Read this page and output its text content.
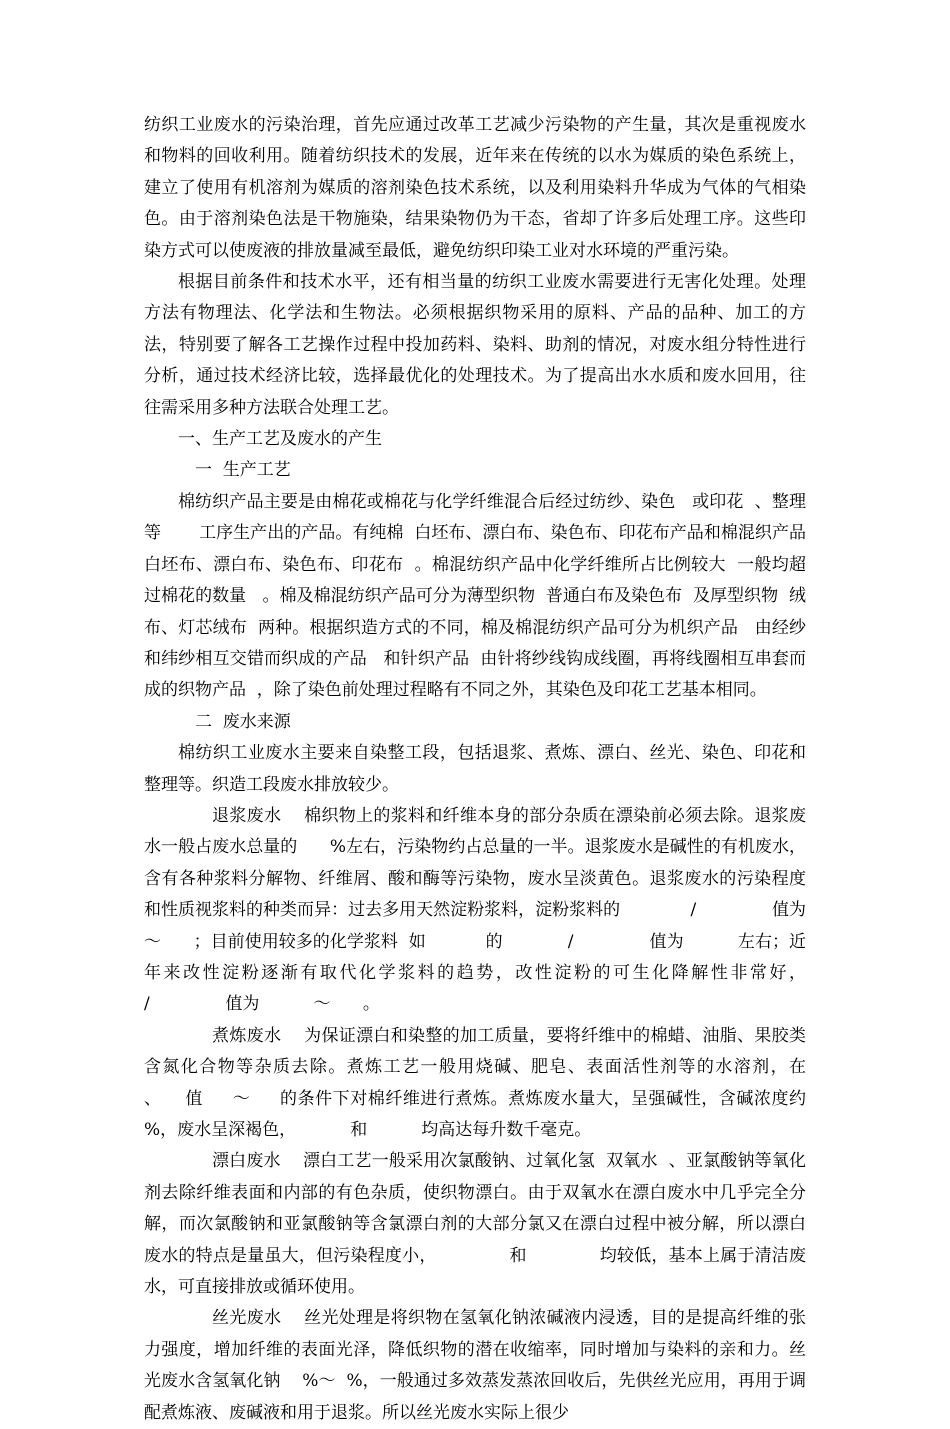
纺织工业废水的污染治理，首先应通过改革工艺减少污染物的产生量，其次是重视废水和物料的回收利用。随着纺织技术的发展，近年来在传统的以水为媒质的染色系统上，建立了使用有机溶剂为媒质的溶剂染色技术系统，以及利用染料升华成为气体的气相染色。由于溶剂染色法是干物施染，结果染物仍为干态，省却了许多后处理工序。这些印染方式可以使废液的排放量减至最低，避免纺织印染工业对水环境的严重污染。

根据目前条件和技术水平，还有相当量的纺织工业废水需要进行无害化处理。处理方法有物理法、化学法和生物法。必须根据织物采用的原料、产品的品种、加工的方法，特别要了解各工艺操作过程中投加药料、染料、助剂的情况，对废水组分特性进行分析，通过技术经济比较，选择最优化的处理技术。为了提高出水水质和废水回用，往往需采用多种方法联合处理工艺。

一、生产工艺及废水的产生

一  生产工艺

棉纺织产品主要是由棉花或棉花与化学纤维混合后经过纺纱、染色   或印花  、整理等       工序生产出的产品。有纯棉  白坯布、漂白布、染色布、印花布产品和棉混织产品  白坯布、漂白布、染色布、印花布  。棉混纺织产品中化学纤维所占比例较大  一般均超过棉花的数量   。棉及棉混纺织产品可分为薄型织物  普通白布及染色布  及厚型织物  绒布、灯芯绒布  两种。根据织造方式的不同，棉及棉混纺织产品可分为机织产品   由经纱和纬纱相互交错而织成的产品   和针织产品  由针将纱线钩成线圈，再将线圈相互串套而成的织物产品  ，除了染色前处理过程略有不同之外，其染色及印花工艺基本相同。

二  废水来源

棉纺织工业废水主要来自染整工段，包括退浆、煮炼、漂白、丝光、染色、印花和整理等。织造工段废水排放较少。

退浆废水    棉织物上的浆料和纤维本身的部分杂质在漂染前必须去除。退浆废水一般占废水总量的      %左右，污染物约占总量的一半。退浆废水是碱性的有机废水，含有各种浆料分解物、纤维屑、酸和酶等污染物，废水呈淡黄色。退浆废水的污染程度和性质视浆料的种类而异：过去多用天然淀粉浆料，淀粉浆料的             /              值为        ～      ；目前使用较多的化学浆料  如           的            /              值为          左右；近年来改性淀粉逐渐有取代化学浆料的趋势，改性淀粉的可生化降解性非常好，                /              值为          ～      。

煮炼废水    为保证漂白和染整的加工质量，要将纤维中的棉蜡、油脂、果胶类含氮化合物等杂质去除。煮炼工艺一般用烧碱、肥皂、表面活性剂等的水溶剂，在           、    值     ～     的条件下对棉纤维进行煮炼。煮炼废水量大，呈强碱性，含碱浓度约        %，废水呈深褐色，          和          均高达每升数千毫克。

漂白废水    漂白工艺一般采用次氯酸钠、过氧化氢  双氧水  、亚氯酸钠等氧化剂去除纤维表面和内部的有色杂质，使织物漂白。由于双氧水在漂白废水中几乎完全分解，而次氯酸钠和亚氯酸钠等含氯漂白剂的大部分氯又在漂白过程中被分解，所以漂白废水的特点是量虽大，但污染程度小，             和             均较低，基本上属于清洁废水，可直接排放或循环使用。

丝光废水    丝光处理是将织物在氢氧化钠浓碱液内浸透，目的是提高纤维的张力强度，增加纤维的表面光泽，降低织物的潜在收缩率，同时增加与染料的亲和力。丝光废水含氢氧化钠    %～  %，一般通过多效蒸发蒸浓回收后，先供丝光应用，再用于调配煮炼液、废碱液和用于退浆。所以丝光废水实际上很少
